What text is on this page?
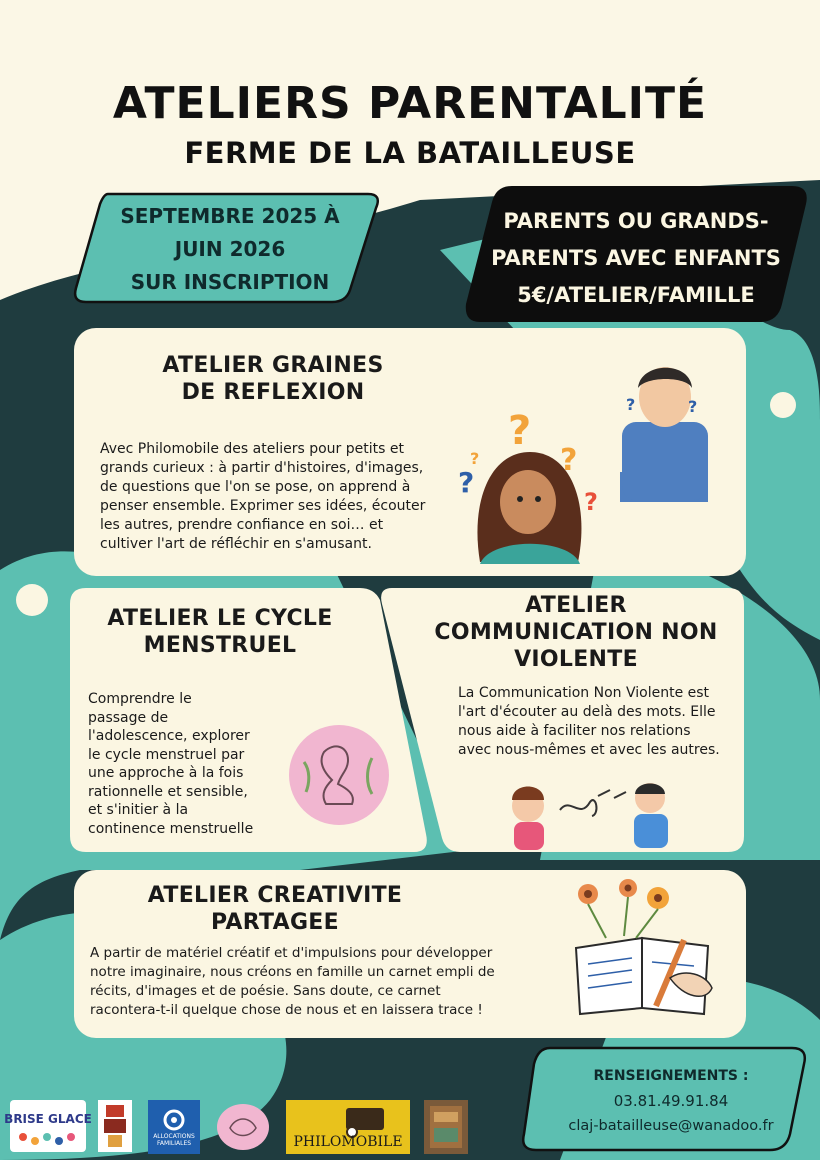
ATELIERS PARENTALITÉ
FERME DE LA BATAILLEUSE
SEPTEMBRE 2025 À
JUIN 2026
SUR INSCRIPTION
PARENTS OU GRANDS-
PARENTS AVEC ENFANTS
5€/ATELIER/FAMILLE
ATELIER GRAINES
DE REFLEXION
Avec Philomobile des ateliers pour petits et
grands curieux : à partir d'histoires, d'images,
de questions que l'on se pose, on apprend à
penser ensemble. Exprimer ses idées, écouter
les autres, prendre confiance en soi… et
cultiver l'art de réfléchir en s'amusant.
?
?
?
?
?
?	?
ATELIER LE CYCLE
MENSTRUEL
Comprendre le
passage de
l'adolescence, explorer
le cycle menstruel par
une approche à la fois
rationnelle et sensible,
et s'initier à la
continence menstruelle
ATELIER
COMMUNICATION NON
VIOLENTE
La Communication Non Violente est
l'art d'écouter au delà des mots. Elle
nous aide à faciliter nos relations
avec nous-mêmes et avec les autres.
ATELIER CREATIVITE
PARTAGEE
A partir de matériel créatif et d'impulsions pour développer
notre imaginaire, nous créons en famille un carnet empli de
récits, d'images et de poésie. Sans doute, ce carnet
racontera-t-il quelque chose de nous et en laissera trace !
RENSEIGNEMENTS :
03.81.49.91.84
claj-batailleuse@wanadoo.fr
BRISE GLACE
ALLOCATIONS FAMILIALES	PHILOMOBILE
